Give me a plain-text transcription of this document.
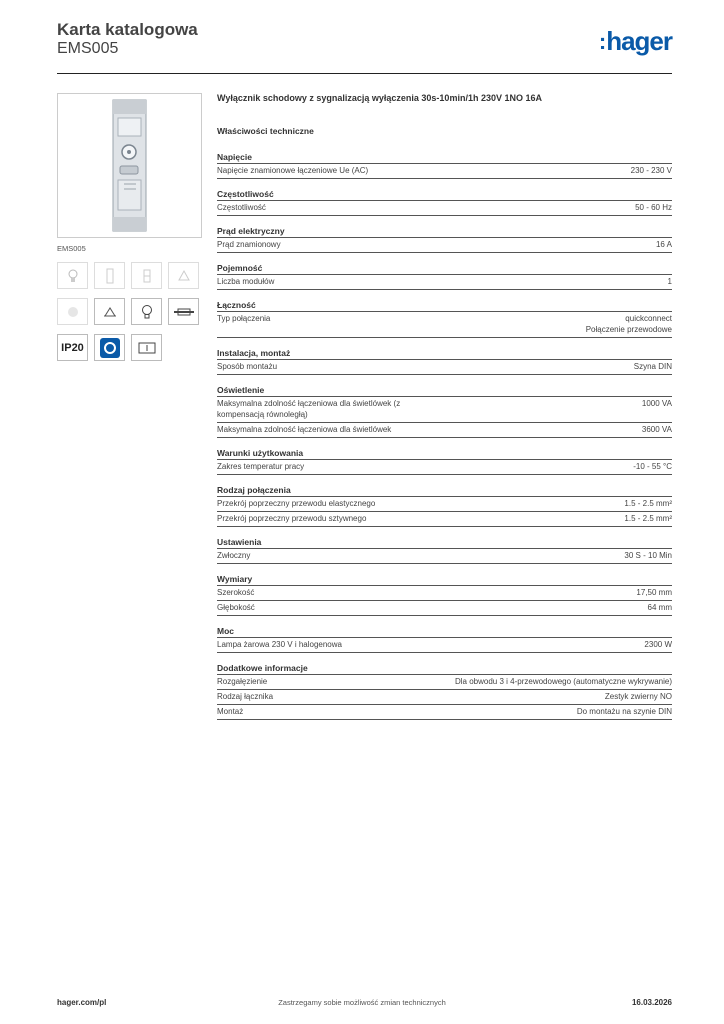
Karta katalogowa
EMS005	:hager
EMS005
IP20
Wyłącznik schodowy z sygnalizacją wyłączenia 30s-10min/1h 230V 1NO 16A
Właściwości techniczne
Napięcie
Napięcie znamionowe łączeniowe Ue (AC)	230 - 230 V
Częstotliwość
Częstotliwość	50 - 60 Hz
Prąd elektryczny
Prąd znamionowy	16 A
Pojemność
Liczba modułów	1
Łączność
Typ połączenia	quickconnect
Połączenie przewodowe
Instalacja, montaż
Sposób montażu	Szyna DIN
Oświetlenie
Maksymalna zdolność łączeniowa dla świetlówek (z kompensacją równoległą)
1000 VA
Maksymalna zdolność łączeniowa dla świetlówek	3600 VA
Warunki użytkowania
Zakres temperatur pracy	-10 - 55 °C
Rodzaj połączenia
Przekrój poprzeczny przewodu elastycznego	1.5 - 2.5 mm²
Przekrój poprzeczny przewodu sztywnego	1.5 - 2.5 mm²
Ustawienia
Zwłoczny	30 S - 10 Min
Wymiary
Szerokość	17,50 mm
Głębokość	64 mm
Moc
Lampa żarowa 230 V i halogenowa	2300 W
Dodatkowe informacje
Rozgałęzienie	Dla obwodu 3 i 4-przewodowego (automatyczne wykrywanie)
Rodzaj łącznika	Zestyk zwierny NO
Montaż	Do montażu na szynie DIN
hager.com/pl	Zastrzegamy sobie możliwość zmian technicznych	16.03.2026
